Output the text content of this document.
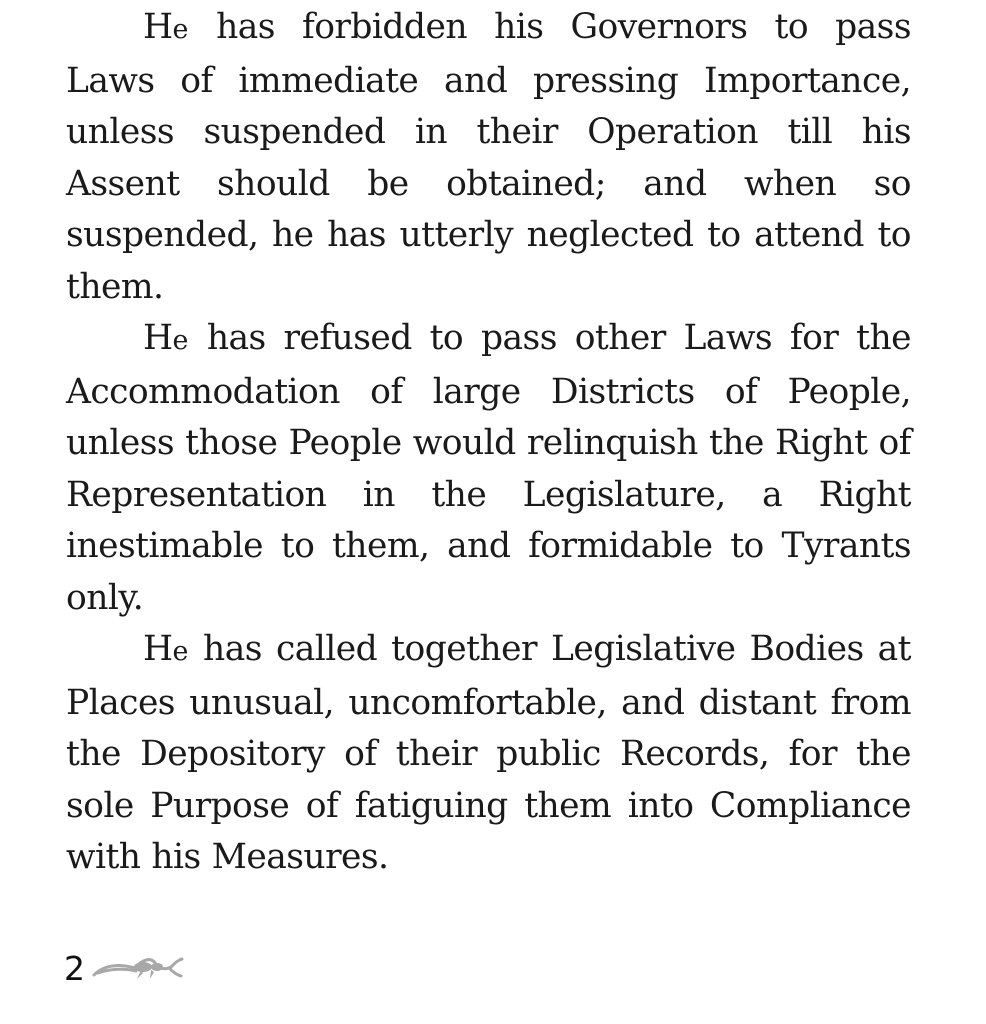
He has forbidden his Governors to pass Laws of immediate and pressing Importance, unless suspended in their Operation till his Assent should be obtained; and when so suspended, he has utterly neglected to attend to them.

He has refused to pass other Laws for the Accommodation of large Districts of People, unless those People would relinquish the Right of Representation in the Legislature, a Right inestimable to them, and formidable to Tyrants only.

He has called together Legislative Bodies at Places unusual, uncomfortable, and distant from the Depository of their public Records, for the sole Purpose of fatiguing them into Compliance with his Measures.

2
